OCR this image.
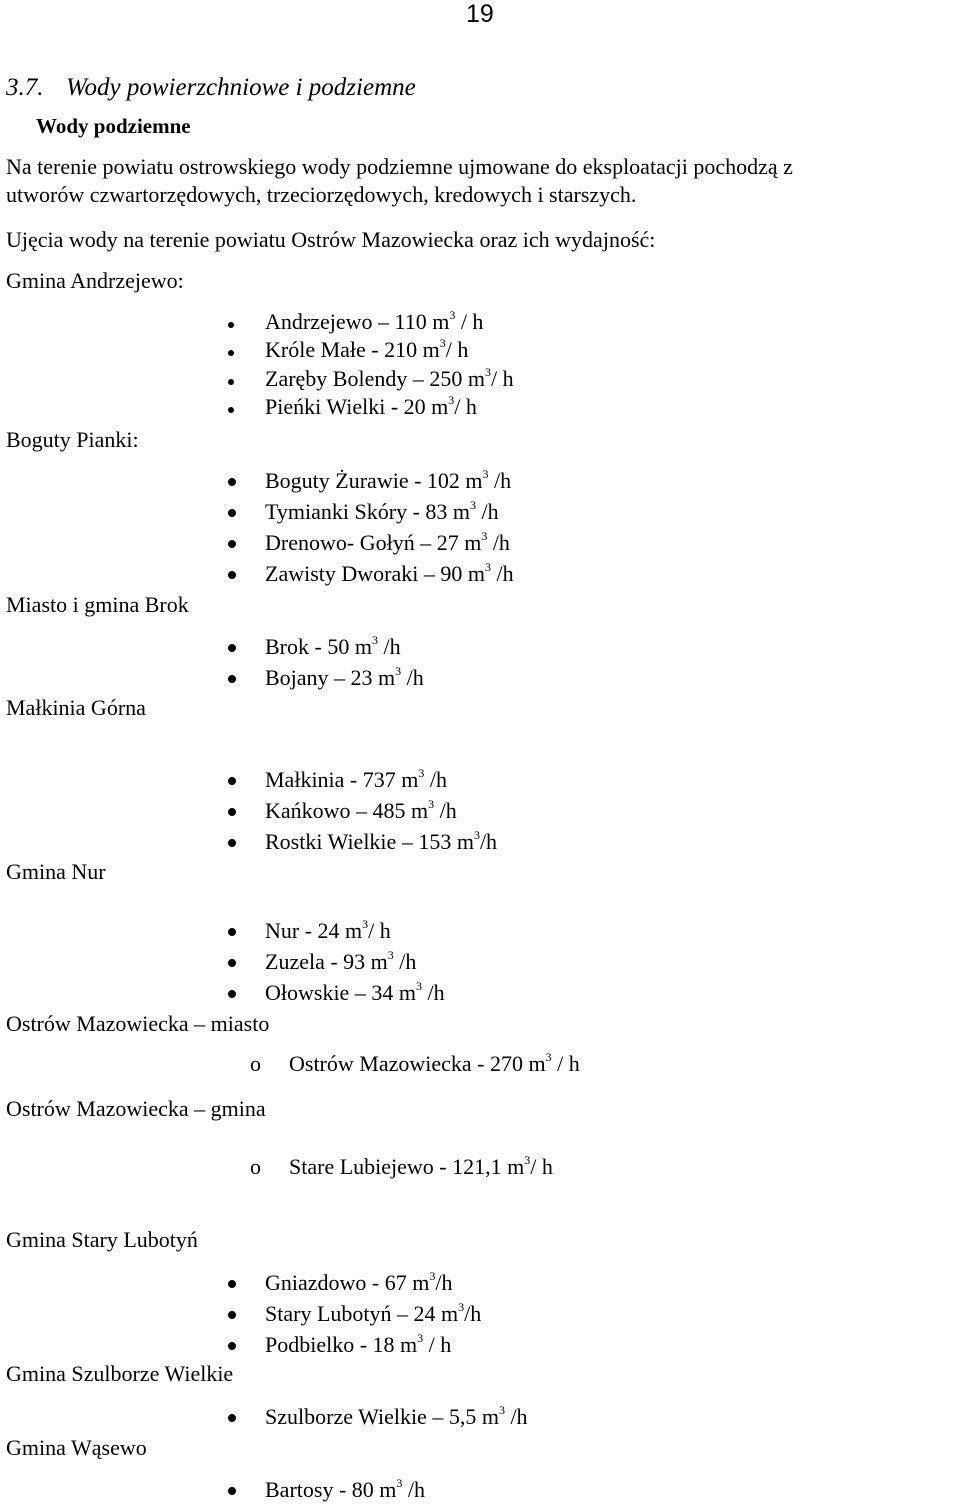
19
3.7. Wody powierzchniowe i podziemne
Wody podziemne
Na terenie powiatu ostrowskiego wody podziemne ujmowane do eksploatacji pochodzą z
utworów czwartorzędowych, trzeciorzędowych, kredowych i starszych.
Ujęcia wody na terenie powiatu Ostrów Mazowiecka oraz ich wydajność:
Gmina Andrzejewo:
Boguty Pianki:
Miasto i gmina Brok
Małkinia Górna
Gmina Nur
Ostrów Mazowiecka – miasto
Ostrów Mazowiecka – gmina
Gmina Stary Lubotyń
Gmina Szulborze Wielkie
Gmina Wąsewo
Andrzejewo – 110 $m^3$ / h
Króle Małe - 210 $m^3/$ h
Zaręby Bolendy – 250 $m^3/$ h
Pieńki Wielki - 20 $m^3/$ h
Boguty Żurawie - 102 $m^3$ /h
Tymianki Skóry - 83 $m^3$ /h
Drenowo- Gołyń – 27 $m^3$ /h
Zawisty Dworaki – 90 $m^3$ /h
Brok - 50 $m^3$ /h
Bojany – 23 $m^3$ /h
Małkinia - 737 $m^3$ /h
Kańkowo – 485 $m^3$ /h
Rostki Wielkie – 153 $m^3/h$
Nur - 24 $m^3/$ h
Zuzela - 93 $m^3$ /h
Ołowskie – 34 $m^3$ /h
o Ostrów Mazowiecka - 270 $m^3$ / h
o Stare Lubiejewo - 121,1 $m^3/$ h
Gniazdowo - 67 $m^3/h$
Stary Lubotyń – 24 $m^3/h$
Podbielko - 18 $m^3$ / h
Szulborze Wielkie – 5,5 $m^3$ /h
Bartosy - 80 $m^3$ /h
